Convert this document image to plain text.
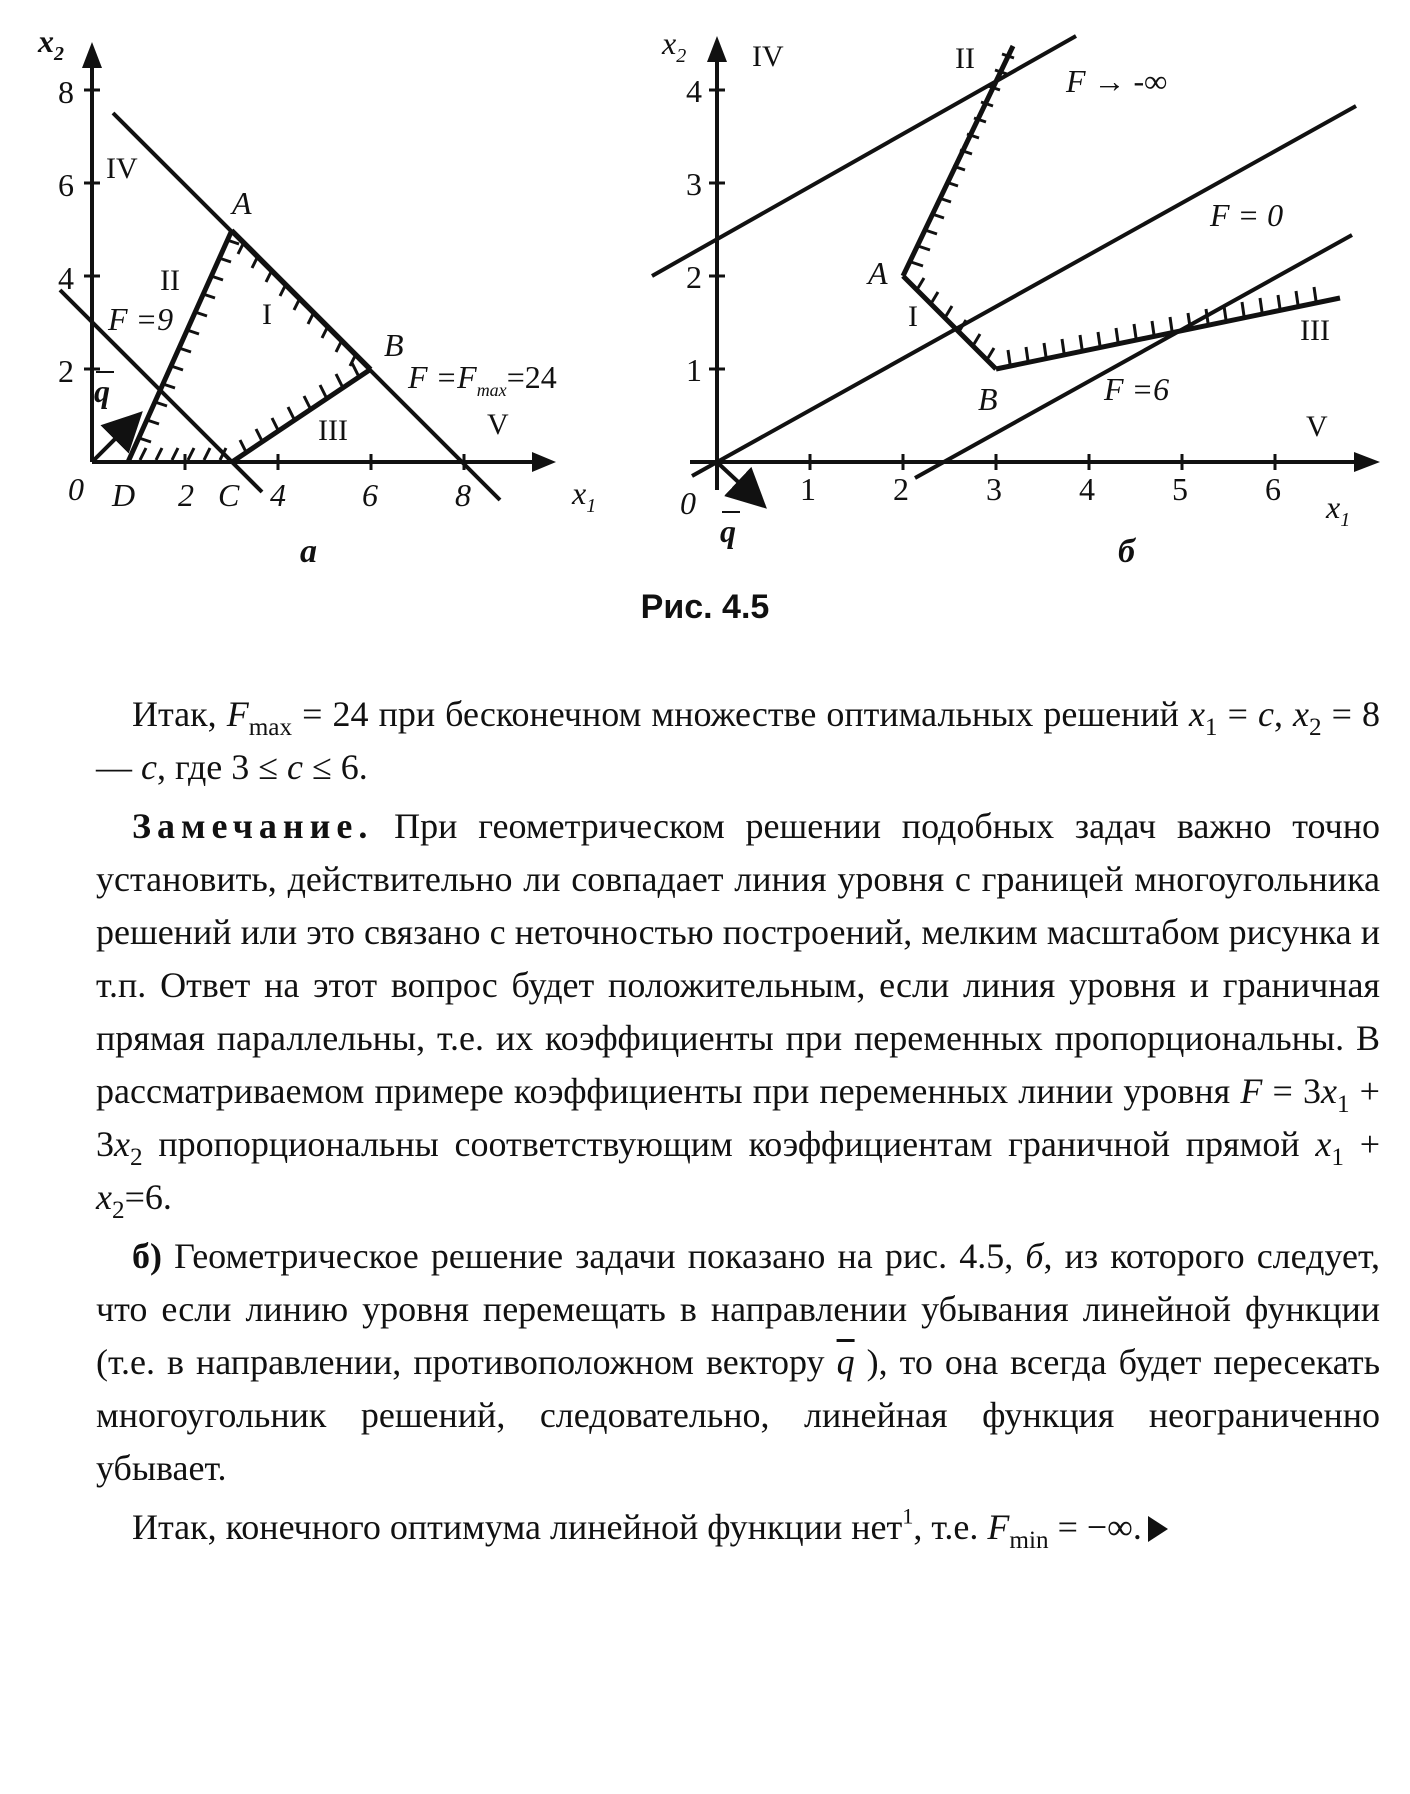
2 4 6 8
2
4
6
8
0
$x_2$
$x_1$
q
A
B
C
D
IV
II
I
III	V
F =9
$F =F_{max}=24$
a
1 2 3 4 5 6
1
2
3
4
0
$x_2$
$x_1$
q
A
B
IV	II
I	III
V
F → -∞
F = 0
F =6
б
Рис. 4.5

Итак, $F_{max} = 24$ при бесконечном множестве оптимальных решений $x_1 = c$, $x_2 = 8$ — c, где 3 ≤ c ≤ 6.

Замечание. При геометрическом решении подобных задач важно точно установить, действительно ли совпадает линия уровня с границей многоугольника решений или это связано с неточностью построений, мелким масштабом рисунка и т.п. Ответ на этот вопрос будет положительным, если линия уровня и граничная прямая параллельны, т.е. их коэффициенты при переменных пропорциональны. В рассматриваемом примере коэффициенты при переменных линии уровня $F = 3x_1 + 3x_2$ пропорциональны соответствующим коэффициентам граничной прямой $x_1 + x_2=6$.

б) Геометрическое решение задачи показано на рис. 4.5, б, из которого следует, что если линию уровня перемещать в направлении убывания линейной функции (т.е. в направлении, противоположном вектору $\overline{q}$ ), то она всегда будет пересекать многоугольник решений, следовательно, линейная функция неограниченно убывает.

Итак, конечного оптимума линейной функции нет$^1$, т.е. $F_{min}$ = −∞.
